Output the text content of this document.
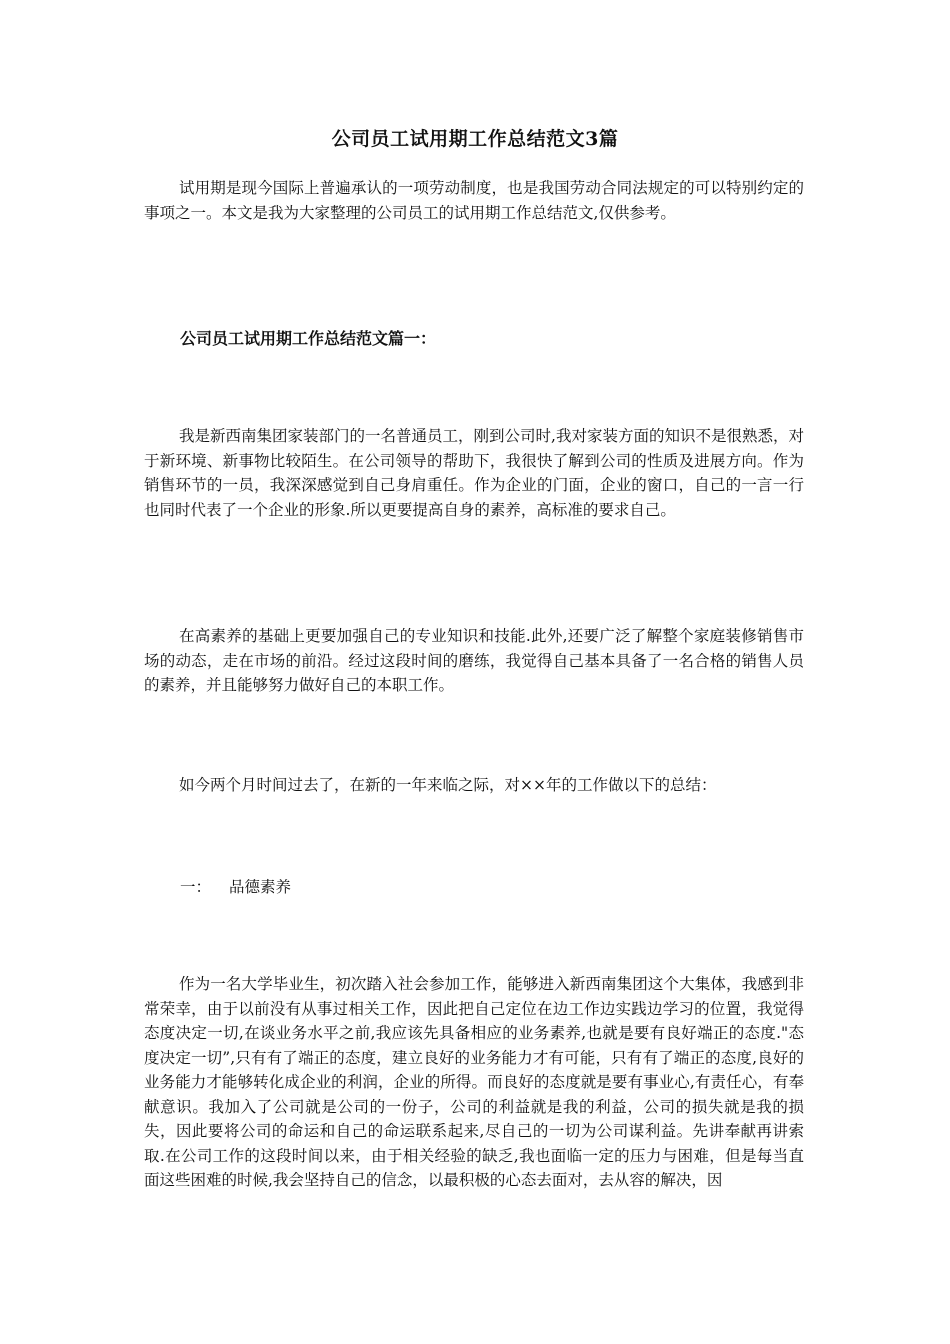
公司员工试用期工作总结范文3篇

试用期是现今国际上普遍承认的一项劳动制度，也是我国劳动合同法规定的可以特别约定的事项之一。本文是我为大家整理的公司员工的试用期工作总结范文,仅供参考。

公司员工试用期工作总结范文篇一：

我是新西南集团家装部门的一名普通员工，刚到公司时,我对家装方面的知识不是很熟悉，对于新环境、新事物比较陌生。在公司领导的帮助下，我很快了解到公司的性质及进展方向。作为销售环节的一员，我深深感觉到自己身肩重任。作为企业的门面，企业的窗口，自己的一言一行也同时代表了一个企业的形象.所以更要提高自身的素养，高标准的要求自己。

在高素养的基础上更要加强自己的专业知识和技能.此外,还要广泛了解整个家庭装修销售市场的动态，走在市场的前沿。经过这段时间的磨练，我觉得自己基本具备了一名合格的销售人员的素养，并且能够努力做好自己的本职工作。

如今两个月时间过去了，在新的一年来临之际，对××年的工作做以下的总结：

一： 品德素养

作为一名大学毕业生，初次踏入社会参加工作，能够进入新西南集团这个大集体，我感到非常荣幸，由于以前没有从事过相关工作，因此把自己定位在边工作边实践边学习的位置，我觉得态度决定一切,在谈业务水平之前,我应该先具备相应的业务素养,也就是要有良好端正的态度."态度决定一切”,只有有了端正的态度，建立良好的业务能力才有可能，只有有了端正的态度,良好的业务能力才能够转化成企业的利润，企业的所得。而良好的态度就是要有事业心,有责任心，有奉献意识。我加入了公司就是公司的一份子，公司的利益就是我的利益，公司的损失就是我的损失，因此要将公司的命运和自己的命运联系起来,尽自己的一切为公司谋利益。先讲奉献再讲索取.在公司工作的这段时间以来，由于相关经验的缺乏,我也面临一定的压力与困难，但是每当直面这些困难的时候,我会坚持自己的信念，以最积极的心态去面对，去从容的解决，因
